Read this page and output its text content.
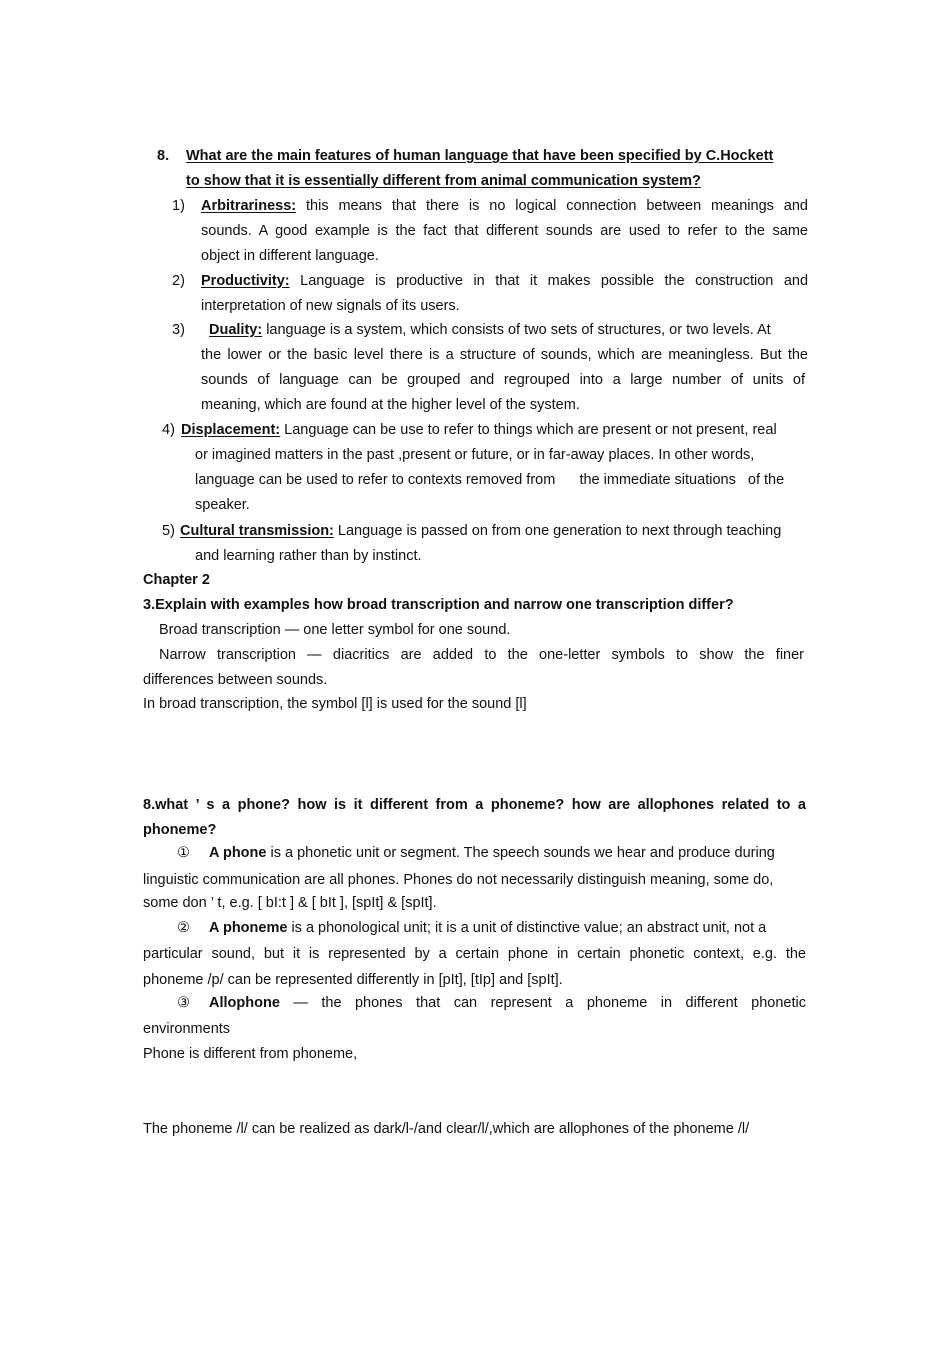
8. What are the main features of human language that have been specified by C.Hockett
to show that it is essentially different from animal communication system?
1) Arbitrariness: this means that there is no logical connection between meanings and
sounds. A good example is the fact that different sounds are used to refer to the same
object in different language.
2) Productivity: Language is productive in that it makes possible the construction and
interpretation of new signals of its users.
3)	Duality: language is a system, which consists of two sets of structures, or two levels. At
the lower or the basic level there is a structure of sounds, which are meaningless. But the
sounds of language can be grouped and regrouped into a large number of units of
meaning, which are found at the higher level of the system.
4) Displacement: Language can be use to refer to things which are present or not present, real
or imagined matters in the past ,present or future, or in far-away places. In other words,
language can be used to refer to contexts removed from      the immediate situations   of the
speaker.
5) Cultural transmission: Language is passed on from one generation to next through teaching
and learning rather than by instinct.
Chapter 2
3.Explain with examples how broad transcription and narrow one transcription differ?
Broad transcription — one letter symbol for one sound.
Narrow transcription — diacritics are added to the one-letter symbols to show the finer
differences between sounds.
In broad transcription, the symbol [l] is used for the sound [l]
8.what ’ s a phone? how is it different from a phoneme? how are allophones related to a
phoneme?
① A phone is a phonetic unit or segment. The speech sounds we hear and produce during
linguistic communication are all phones. Phones do not necessarily distinguish meaning, some do,
some don ’ t, e.g. [ bI:t ] & [ bIt ], [spIt] & [spIt].
② A phoneme is a phonological unit; it is a unit of distinctive value; an abstract unit, not a
particular sound, but it is represented by a certain phone in certain phonetic context, e.g. the
phoneme /p/ can be represented differently in [pIt], [tIp] and [spIt].
③ Allophone — the phones that can represent a phoneme in different phonetic
environments
Phone is different from phoneme,
The phoneme /l/ can be realized as dark/l-/and clear/l/,which are allophones of the phoneme /l/
